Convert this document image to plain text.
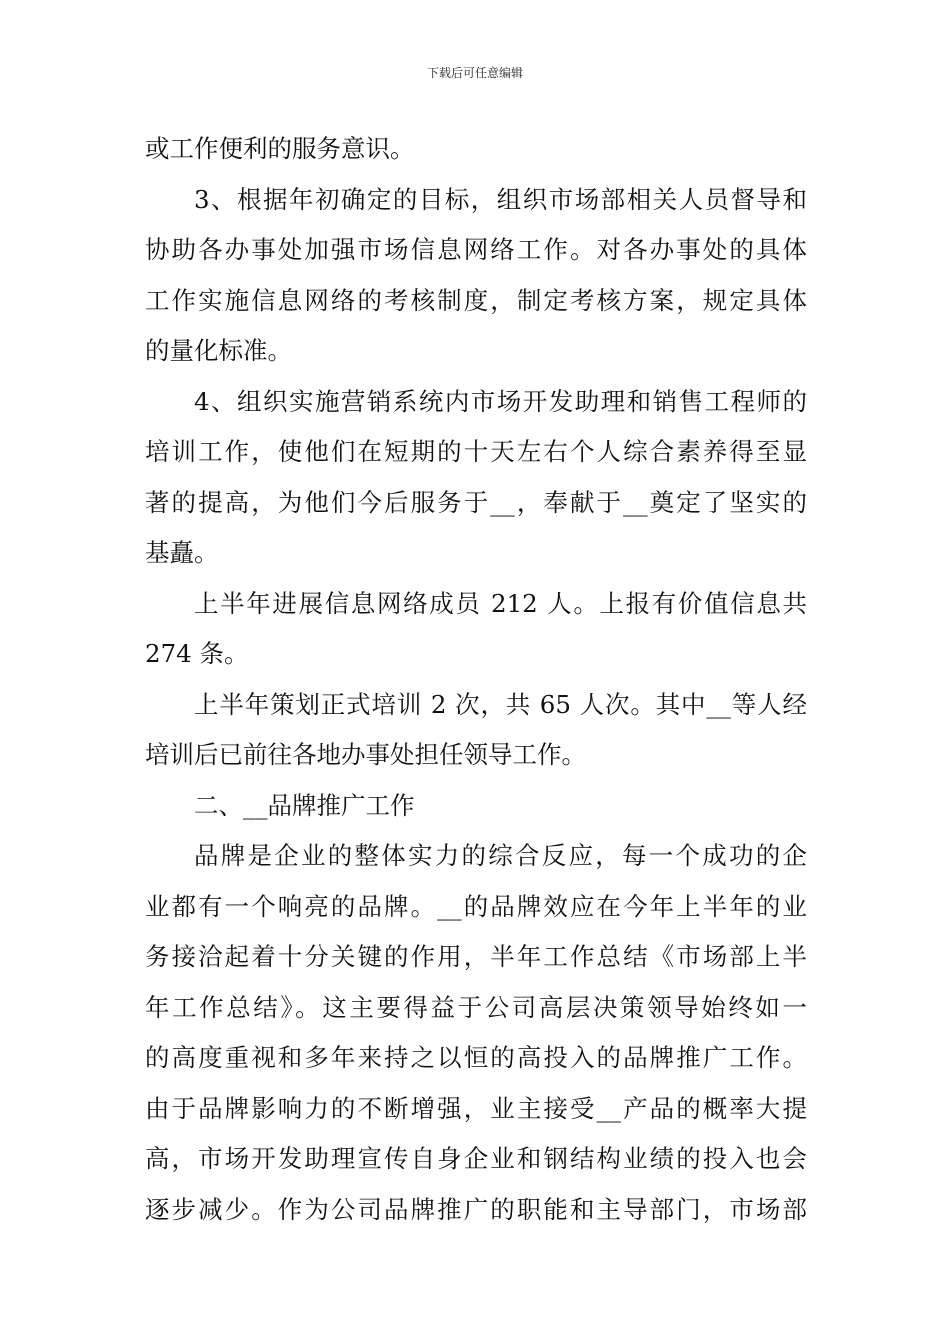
下载后可任意编辑
或工作便利的服务意识。
3、根据年初确定的目标，组织市场部相关人员督导和
协助各办事处加强市场信息网络工作。对各办事处的具体
工作实施信息网络的考核制度，制定考核方案，规定具体
的量化标准。
4、组织实施营销系统内市场开发助理和销售工程师的
培训工作，使他们在短期的十天左右个人综合素养得至显
著的提高，为他们今后服务于__，奉献于__奠定了坚实的
基矗。
上半年进展信息网络成员 212 人。上报有价值信息共
274 条。
上半年策划正式培训 2 次，共 65 人次。其中__等人经
培训后已前往各地办事处担任领导工作。
二、__品牌推广工作
品牌是企业的整体实力的综合反应，每一个成功的企
业都有一个响亮的品牌。__的品牌效应在今年上半年的业
务接洽起着十分关键的作用，半年工作总结《市场部上半
年工作总结》。这主要得益于公司高层决策领导始终如一
的高度重视和多年来持之以恒的高投入的品牌推广工作。
由于品牌影响力的不断增强，业主接受__产品的概率大提
高，市场开发助理宣传自身企业和钢结构业绩的投入也会
逐步减少。作为公司品牌推广的职能和主导部门，市场部
